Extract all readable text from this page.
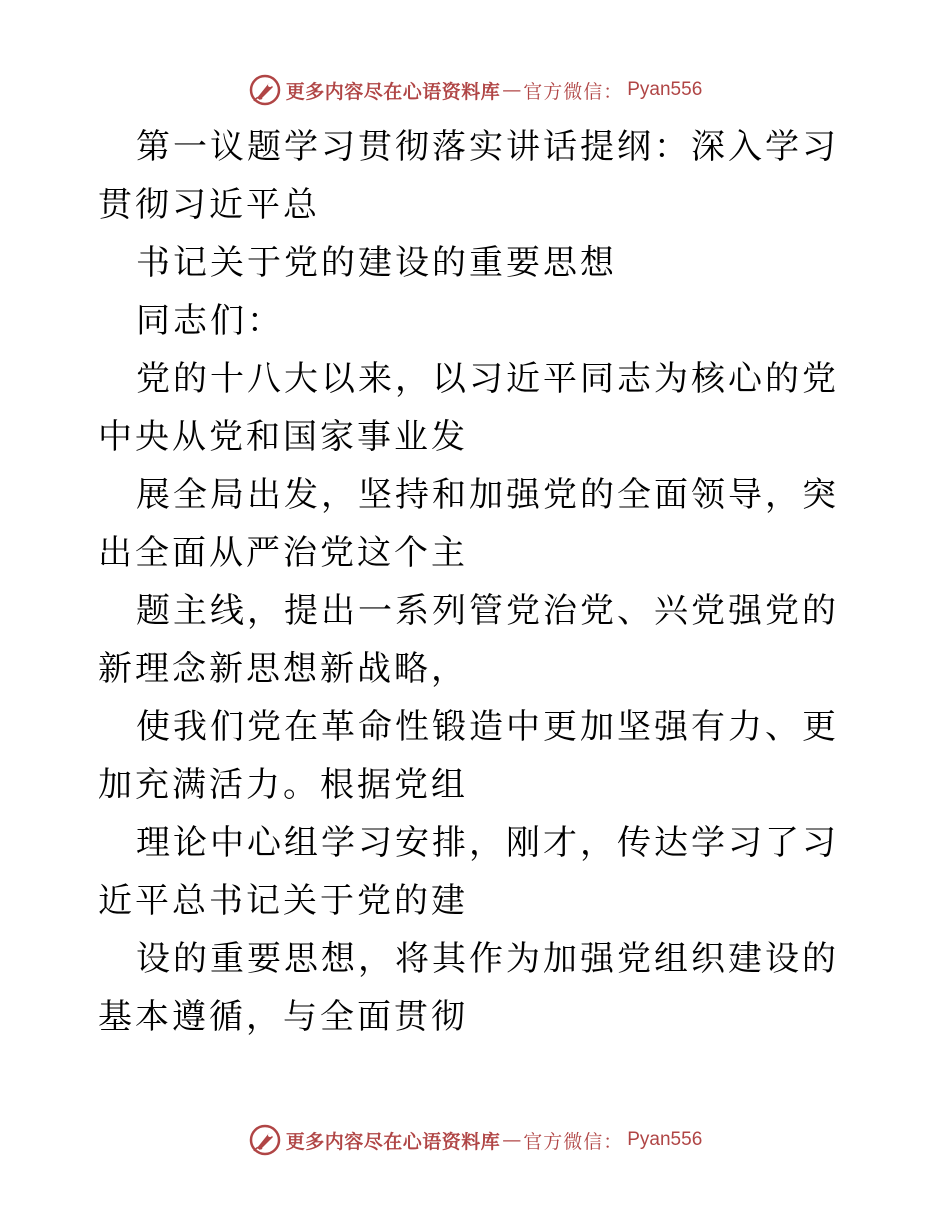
更多内容尽在心语资料库 — 官方微信： Pyan556

第一议题学习贯彻落实讲话提纲：深入学习贯彻习近平总

书记关于党的建设的重要思想

同志们：

党的十八大以来，以习近平同志为核心的党中央从党和国家事业发

展全局出发，坚持和加强党的全面领导，突出全面从严治党这个主

题主线，提出一系列管党治党、兴党强党的新理念新思想新战略，

使我们党在革命性锻造中更加坚强有力、更加充满活力。根据党组

理论中心组学习安排，刚才，传达学习了习近平总书记关于党的建

设的重要思想，将其作为加强党组织建设的基本遵循，与全面贯彻

更多内容尽在心语资料库 — 官方微信： Pyan556
